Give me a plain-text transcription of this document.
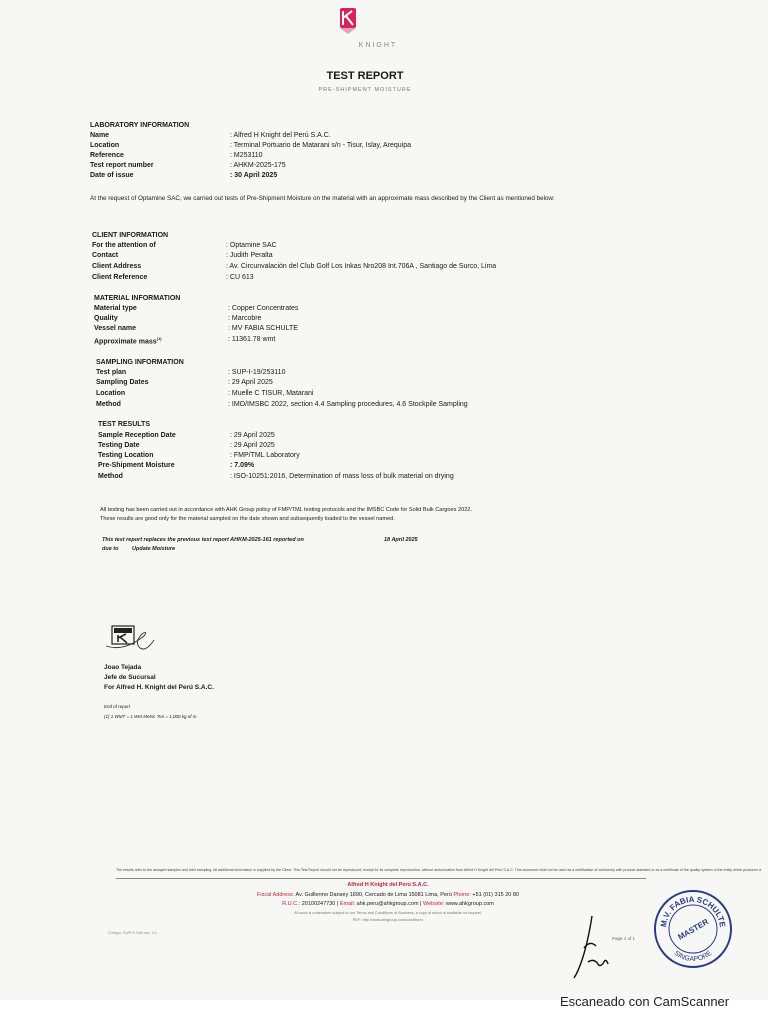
KNIGHT
TEST REPORT
PRE-SHIPMENT MOISTURE
LABORATORY INFORMATION
Name	: Alfred H Knight del Perú S.A.C.
Location	: Terminal Portuario de Matarani s/n - Tisur, Islay, Arequipa
Reference	: M253110
Test report number	: AHKM-2025-175
Date of issue	: 30 April 2025
At the request of Optamine SAC, we carried out tests of Pre-Shipment Moisture on the material with an approximate mass described by the Client as mentioned below:
CLIENT INFORMATION
For the attention of	: Optamine SAC
Contact	: Judith Peralta
Client Address	: Av. Circunvalación del Club Golf Los Inkas Nro208 Int.706A , Santiago de Surco, Lima
Client Reference	: CU 613
MATERIAL INFORMATION
Material type	: Copper Concentrates
Quality	: Marcobre
Vessel name	: MV FABIA SCHULTE
Approximate mass$^{(1)}$	: 11361.78 wmt
SAMPLING INFORMATION
Test plan	: SUP-I-19/253110
Sampling Dates	: 29 April 2025
Location	: Muelle C TISUR, Matarani
Method	: IMO/IMSBC 2022, section 4.4 Sampling procedures, 4.6 Stockpile Sampling
TEST RESULTS
Sample Reception Date	: 29 April 2025
Testing Date	: 29 April 2025
Testing Location	: FMP/TML Laboratory
Pre-Shipment Moisture	: 7.09%
Method	: ISO-10251:2016, Determination of mass loss of bulk material on drying
All testing has been carried out in accordance with AHK Group policy of FMP/TML testing protocols and the IMSBC Code for Solid Bulk Cargoes 2022.
These results are good only for the material sampled on the date shown and subsequently loaded to the vessel named.
This test report replaces the previous test report AHKM-2025-161 reported on	18 April 2025
due to Update Moisture
Joao Tejada
Jefe de Sucursal
For Alfred H. Knight del Perú S.A.C.
End of report
(1) 1 WMT = 1 Wet Metric Ton = 1,000 kg of m
The results refer to the assayed samples and their sampling. All additional information is supplied by the Client. This Test Report should not be reproduced, except for its complete reproduction, without authorisation from Alfred H Knight del Perú S.A.C. This document shall not be used as a certification of conformity with product standard or as a certificate of the quality system of the entity which produces it.
Alfred H Knight del Perú S.A.C.
Fiscal Address: Av. Guillermo Dansey 1890, Cercado de Lima 15081 Lima, Perú Phone: +51 (01) 315 20 80
R.U.C.: 20100247730 | Email: ahk.peru@ahkgroup.com | Website: www.ahkgroup.com
All work is undertaken subject to our Terms and Conditions of Business, a copy of which is available on request.
PDF: http://www.ahkgroup.com/conditions
Código: SUP-F-045 ver. 4.1
Page 1 of 1
M.V. FABIA SCHULTE
MASTER
SINGAPORE
Escaneado con CamScanner
